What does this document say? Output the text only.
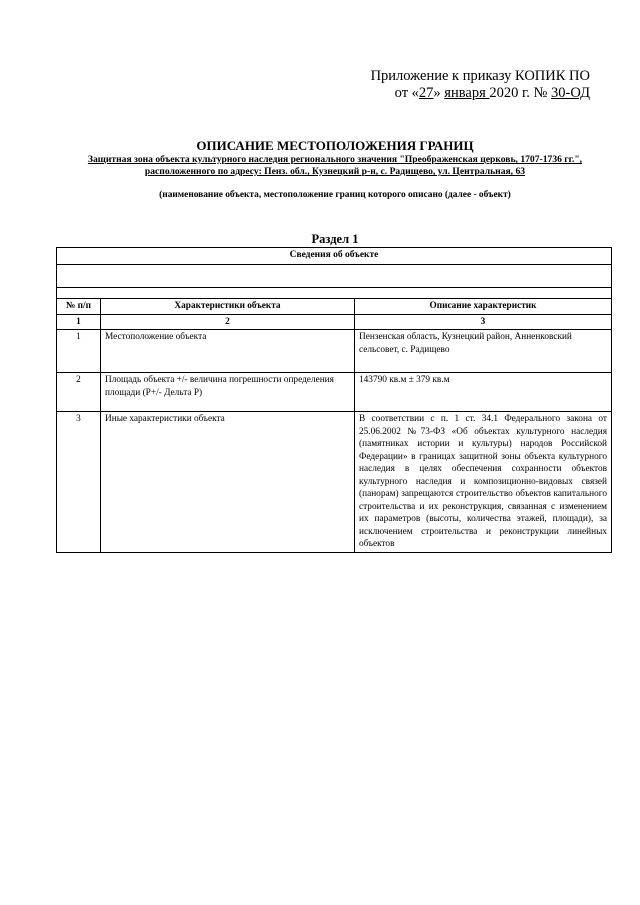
Приложение к приказу КОПИК ПО
от «27» января 2020 г. № 30-ОД
ОПИСАНИЕ МЕСТОПОЛОЖЕНИЯ ГРАНИЦ
Защитная зона объекта культурного наследия регионального значения "Преображенская церковь, 1707-1736 гг.", расположенного по адресу: Пенз. обл., Кузнецкий р-н, с. Радищево, ул. Центральная, 63
(наименование объекта, местоположение границ которого описано (далее - объект)
Раздел 1
Сведения об объекте		

№ п/п	Характеристики объекта	Описание характеристик
1	2	3
1	Местоположение объекта	Пензенская область, Кузнецкий район, Анненковский сельсовет, с. Радищево
2	Площадь объекта +/- величина погрешности определения площади (Р+/- Дельта Р)	143790 кв.м ± 379 кв.м
3	Иные характеристики объекта	В соответствии с п. 1 ст. 34.1 Федерального закона от 25.06.2002 №73-ФЗ «Об объектах культурного наследия (памятниках истории и культуры) народов Российской Федерации» в границах защитной зоны объекта культурного наследия в целях обеспечения сохранности объектов культурного наследия и композиционно-видовых связей (панорам) запрещаются строительство объектов капитального строительства и их реконструкция, связанная с изменением их параметров (высоты, количества этажей, площади), за исключением строительства и реконструкции линейных объектов
